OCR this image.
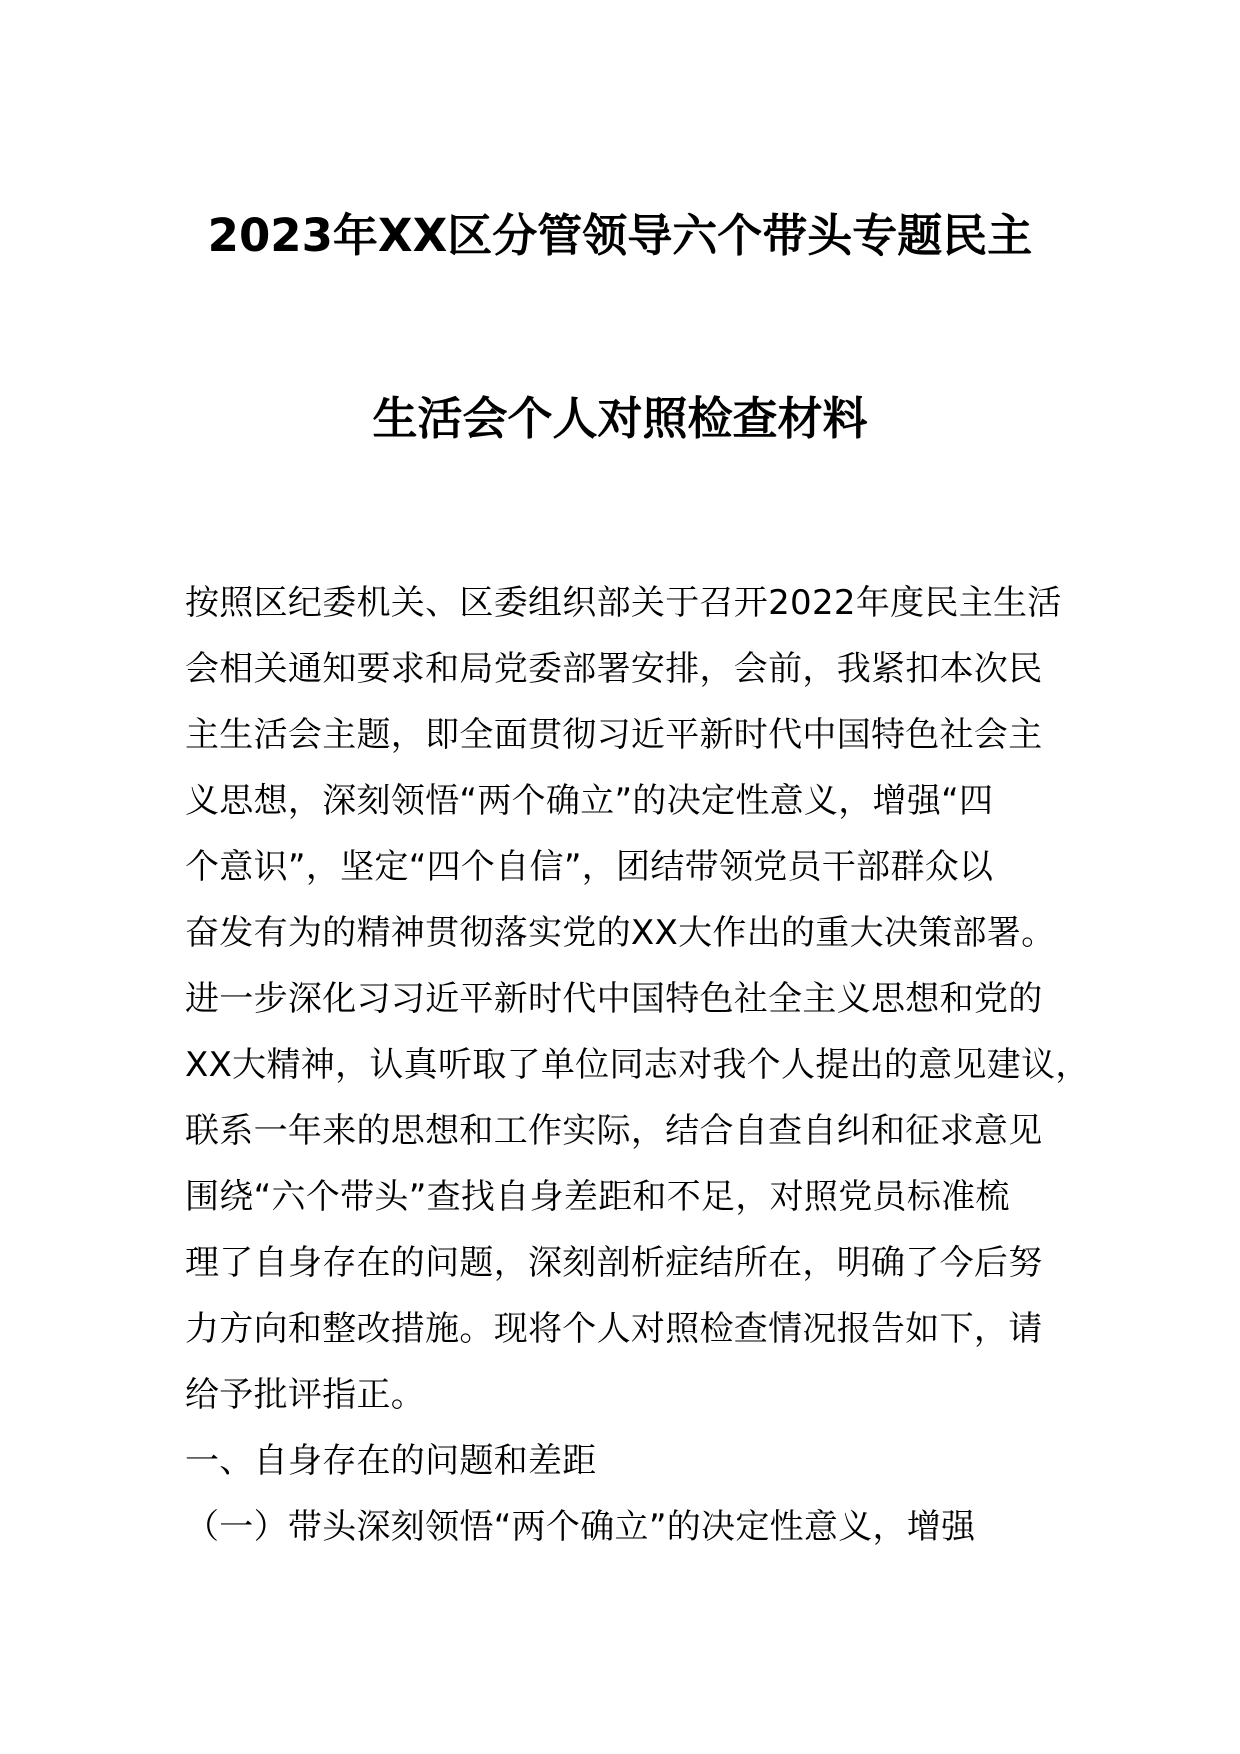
2023年XX区分管领导六个带头专题民主
生活会个人对照检查材料
按照区纪委机关、区委组织部关于召开2022年度民主生活
会相关通知要求和局党委部署安排，会前，我紧扣本次民
主生活会主题，即全面贯彻习近平新时代中国特色社会主
义思想，深刻领悟“两个确立”的决定性意义，增强“四
个意识”，坚定“四个自信”，团结带领党员干部群众以
奋发有为的精神贯彻落实党的XX大作出的重大决策部署。
进一步深化习习近平新时代中国特色社全主义思想和党的
XX大精神，认真听取了单位同志对我个人提出的意见建议，
联系一年来的思想和工作实际，结合自查自纠和征求意见
围绕“六个带头”查找自身差距和不足，对照党员标准梳
理了自身存在的问题，深刻剖析症结所在，明确了今后努
力方向和整改措施。现将个人对照检查情况报告如下，请
给予批评指正。
一、自身存在的问题和差距
（一）带头深刻领悟“两个确立”的决定性意义，增强
